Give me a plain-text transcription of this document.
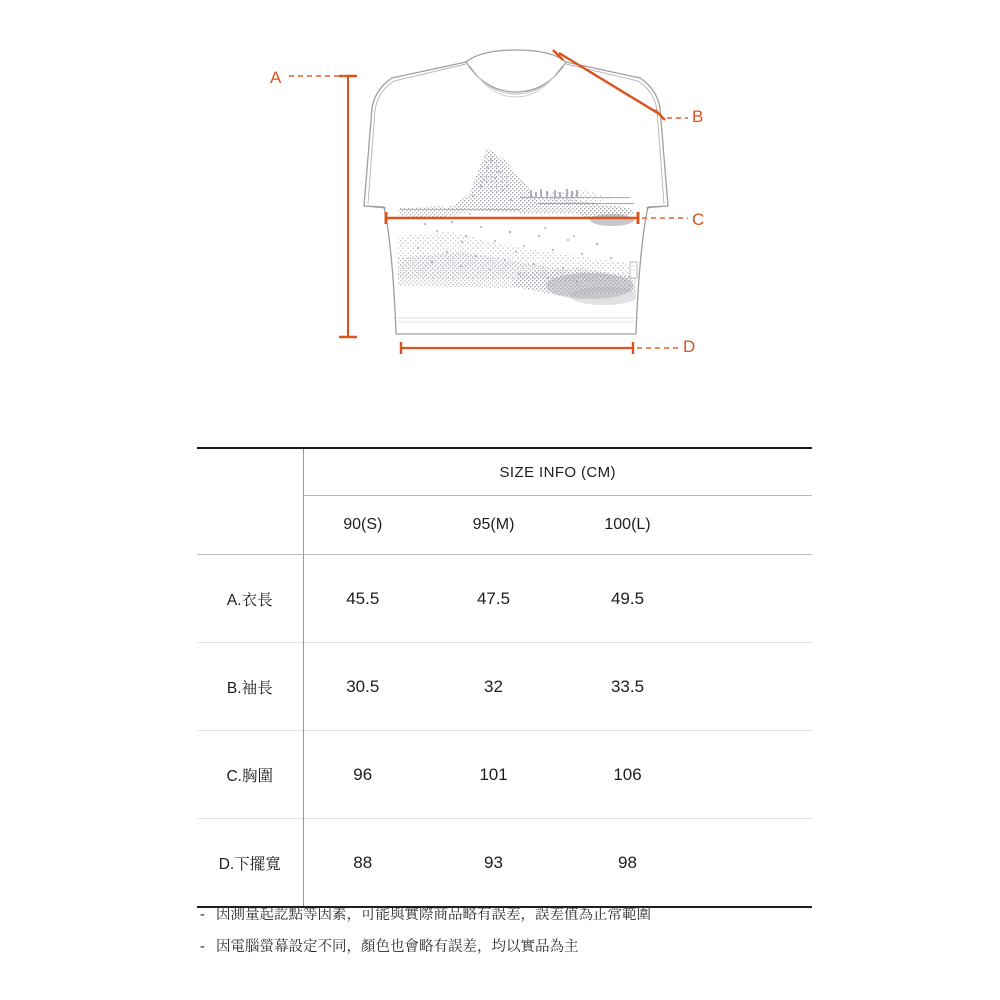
A
B
C
D
	SIZE INFO (CM)			
	90(S)	95(M)	100(L)	
A.衣長	45.5	47.5	49.5	
B.袖長	30.5	32	33.5	
C.胸圍	96	101	106	
D.下擺寬	88	93	98	
- 因測量起訖點等因素，可能與實際商品略有誤差，誤差值為正常範圍
- 因電腦螢幕設定不同，顏色也會略有誤差，均以實品為主
